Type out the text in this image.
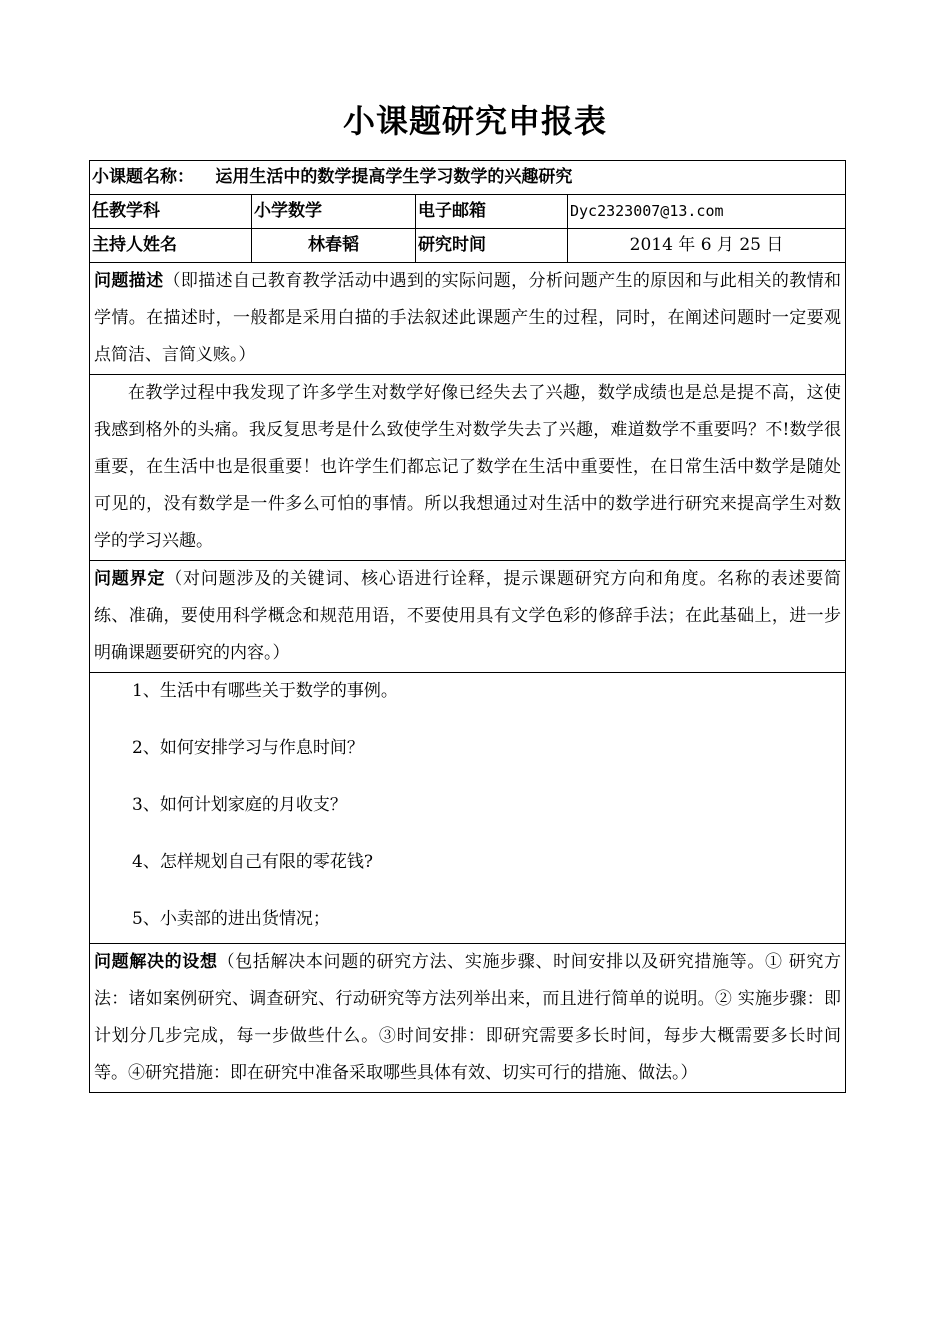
小课题研究申报表
小课题名称： 运用生活中的数学提高学生学习数学的兴趣研究			
任教学科	小学数学	电子邮箱	Dyc2323007@13.com
主持人姓名	林春韬	研究时间	2014 年 6 月 25 日

问题描述（即描述自己教育教学活动中遇到的实际问题，分析问题产生的原因和与此相关的教情和学情。在描述时，一般都是采用白描的手法叙述此课题产生的过程，同时，在阐述问题时一定要观点简洁、言简义赅。）			

在教学过程中我发现了许多学生对数学好像已经失去了兴趣，数学成绩也是总是提不高，这使我感到格外的头痛。我反复思考是什么致使学生对数学失去了兴趣，难道数学不重要吗？不!数学很重要，在生活中也是很重要！也许学生们都忘记了数学在生活中重要性，在日常生活中数学是随处可见的，没有数学是一件多么可怕的事情。所以我想通过对生活中的数学进行研究来提高学生对数学的学习兴趣。			

问题界定（对问题涉及的关键词、核心语进行诠释，提示课题研究方向和角度。名称的表述要简练、准确，要使用科学概念和规范用语，不要使用具有文学色彩的修辞手法；在此基础上，进一步明确课题要研究的内容。）			

1、生活中有哪些关于数学的事例。
2、如何安排学习与作息时间？
3、如何计划家庭的月收支？
4、怎样规划自己有限的零花钱?
5、小卖部的进出货情况；			

问题解决的设想（包括解决本问题的研究方法、实施步骤、时间安排以及研究措施等。① 研究方法：诸如案例研究、调查研究、行动研究等方法列举出来，而且进行简单的说明。② 实施步骤：即计划分几步完成，每一步做些什么。③时间安排：即研究需要多长时间，每步大概需要多长时间等。④研究措施：即在研究中准备采取哪些具体有效、切实可行的措施、做法。）			
